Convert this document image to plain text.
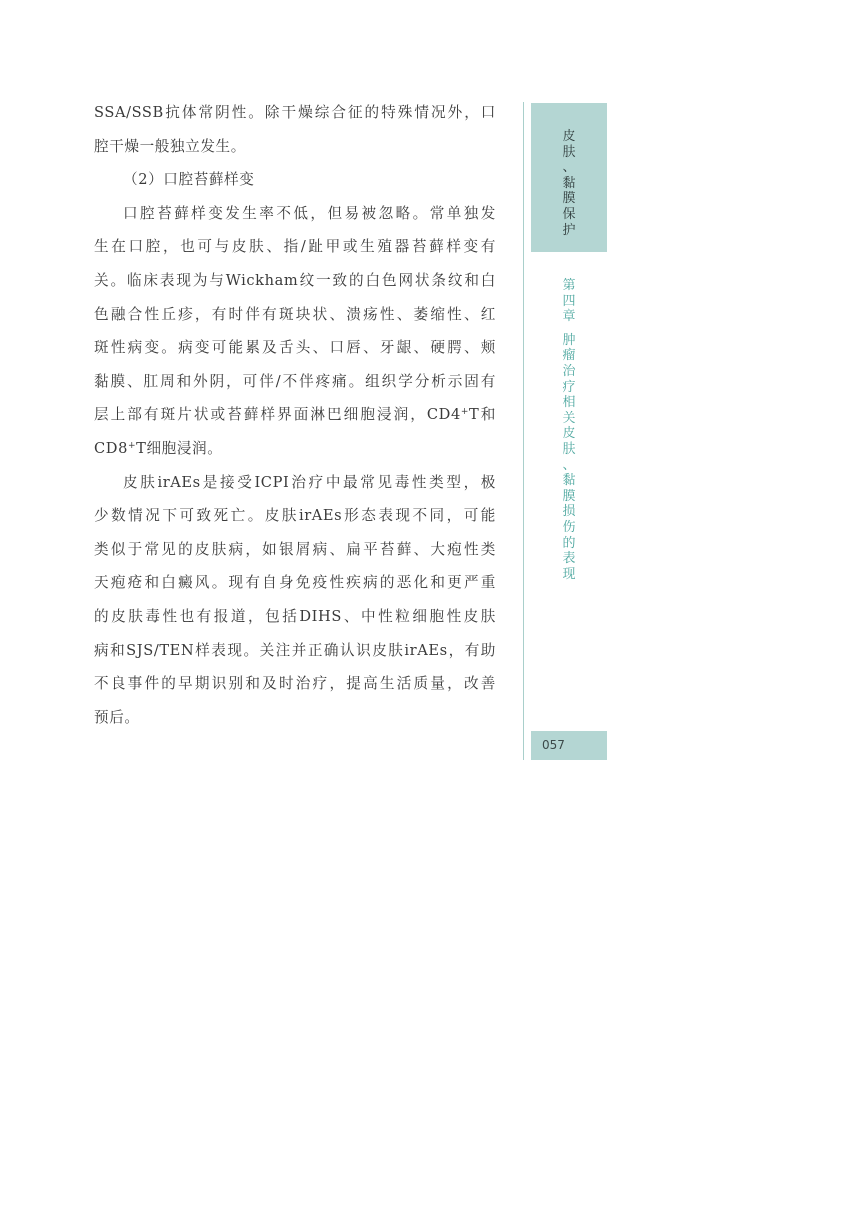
SSA/SSB抗体常阴性。除干燥综合征的特殊情况外，口
腔干燥一般独立发生。
（2）口腔苔藓样变
口腔苔藓样变发生率不低，但易被忽略。常单独发
生在口腔，也可与皮肤、指/趾甲或生殖器苔藓样变有
关。临床表现为与Wickham纹一致的白色网状条纹和白
色融合性丘疹，有时伴有斑块状、溃疡性、萎缩性、红
斑性病变。病变可能累及舌头、口唇、牙龈、硬腭、颊
黏膜、肛周和外阴，可伴/不伴疼痛。组织学分析示固有
层上部有斑片状或苔藓样界面淋巴细胞浸润，CD4+T和
CD8+T细胞浸润。
皮肤irAEs是接受ICPI治疗中最常见毒性类型，极
少数情况下可致死亡。皮肤irAEs形态表现不同，可能
类似于常见的皮肤病，如银屑病、扁平苔藓、大疱性类
天疱疮和白癜风。现有自身免疫性疾病的恶化和更严重
的皮肤毒性也有报道，包括DIHS、中性粒细胞性皮肤
病和SJS/TEN样表现。关注并正确认识皮肤irAEs，有助
不良事件的早期识别和及时治疗，提高生活质量，改善
预后。
皮
肤
、
黏
膜
保
护
第
四
章
肿
瘤
治
疗
相
关
皮
肤
、
黏
膜
损
伤
的
表
现
057
